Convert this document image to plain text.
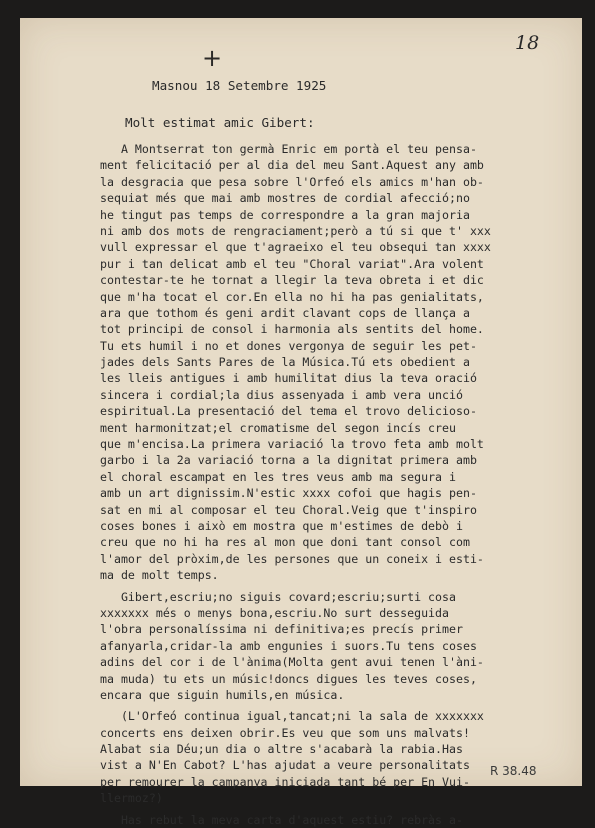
+
18
Masnou 18 Setembre 1925
Molt estimat amic Gibert:
A Montserrat ton germà Enric em portà el teu pensa-
ment felicitació per al dia del meu Sant.Aquest any amb
la desgracia que pesa sobre l'Orfeó els amics m'han ob-
sequiat més que mai amb mostres de cordial afecció;no
he tingut pas temps de correspondre a la gran majoria
ni amb dos mots de rengraciament;però a tú si que t' xxx
vull expressar el que t'agraeixo el teu obsequi tan xxxx
pur i tan delicat amb el teu "Choral variat".Ara volent
contestar-te he tornat a llegir la teva obreta i et dic
que m'ha tocat el cor.En ella no hi ha pas genialitats,
ara que tothom és geni ardit clavant cops de llança a
tot principi de consol i harmonia als sentits del home.
Tu ets humil i no et dones vergonya de seguir les pet-
jades dels Sants Pares de la Música.Tú ets obedient a
les lleis antigues i amb humilitat dius la teva oració
sincera i cordial;la dius assenyada i amb vera unció
espiritual.La presentació del tema el trovo delicioso-
ment harmonitzat;el cromatisme del segon incís creu
que m'encisa.La primera variació la trovo feta amb molt
garbo i la 2a variació torna a la dignitat primera amb
el choral escampat en les tres veus amb ma segura i
amb un art dignissim.N'estic xxxx cofoi que hagis pen-
sat en mi al composar el teu Choral.Veig que t'inspiro
coses bones i això em mostra que m'estimes de debò i
creu que no hi ha res al mon que doni tant consol com
l'amor del pròxim,de les persones que un coneix i esti-
ma de molt temps.
Gibert,escriu;no siguis covard;escriu;surti cosa
xxxxxxx més o menys bona,escriu.No surt desseguida
l'obra personalíssima ni definitiva;es precís primer
afanyarla,cridar-la amb engunies i suors.Tu tens coses
adins del cor i de l'ànima(Molta gent avui tenen l'àni-
ma muda) tu ets un músic!doncs digues les teves coses,
encara que siguin humils,en música.
(L'Orfeó continua igual,tancat;ni la sala de xxxxxxx
concerts ens deixen obrir.Es veu que som uns malvats!
Alabat sia Déu;un dia o altre s'acabarà la rabia.Has
vist a N'En Cabot? L'has ajudat a veure personalitats
per remourer la campanya iniciada tant bé per En Vui-
llermoz?)
Has rebut la meva carta d'aquest estiu? rebràs a-
R 38.48
